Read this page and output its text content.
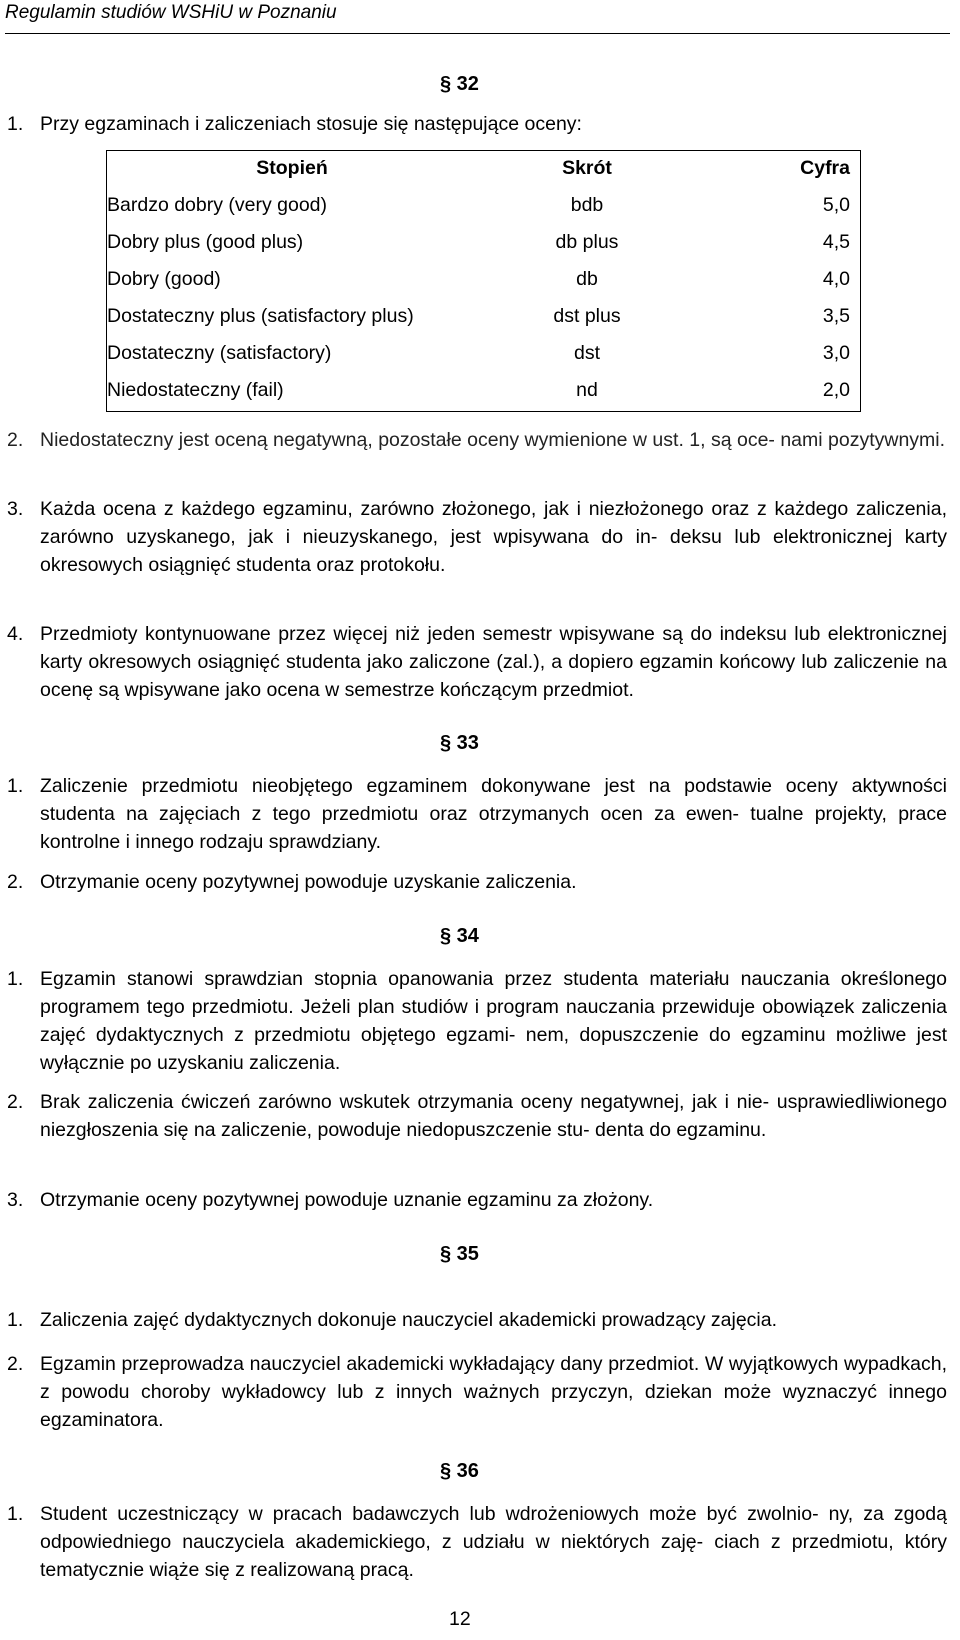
Regulamin studiów WSHiU w Poznaniu
§ 32
1. Przy egzaminach i zaliczeniach stosuje się następujące oceny:
Stopień	Skrót	Cyfra
Bardzo dobry (very good)	bdb	5,0
Dobry plus (good plus)	db plus	4,5
Dobry (good)	db	4,0
Dostateczny plus (satisfactory plus)	dst plus	3,5
Dostateczny (satisfactory)	dst	3,0
Niedostateczny (fail)	nd	2,0
2. Niedostateczny jest oceną negatywną, pozostałe oceny wymienione w ust. 1, są oce- nami pozytywnymi.
3. Każda ocena z każdego egzaminu, zarówno złożonego, jak i niezłożonego oraz z każdego zaliczenia, zarówno uzyskanego, jak i nieuzyskanego, jest wpisywana do in- deksu lub elektronicznej karty okresowych osiągnięć studenta oraz protokołu.
4. Przedmioty kontynuowane przez więcej niż jeden semestr wpisywane są do indeksu lub elektronicznej karty okresowych osiągnięć studenta jako zaliczone (zal.), a dopiero egzamin końcowy lub zaliczenie na ocenę są wpisywane jako ocena w semestrze kończącym przedmiot.
§ 33
1. Zaliczenie przedmiotu nieobjętego egzaminem dokonywane jest na podstawie oceny aktywności studenta na zajęciach z tego przedmiotu oraz otrzymanych ocen za ewen- tualne projekty, prace kontrolne i innego rodzaju sprawdziany.
2. Otrzymanie oceny pozytywnej powoduje uzyskanie zaliczenia.
§ 34
1. Egzamin stanowi sprawdzian stopnia opanowania przez studenta materiału nauczania określonego programem tego przedmiotu. Jeżeli plan studiów i program nauczania przewiduje obowiązek zaliczenia zajęć dydaktycznych z przedmiotu objętego egzami- nem, dopuszczenie do egzaminu możliwe jest wyłącznie po uzyskaniu zaliczenia.
2. Brak zaliczenia ćwiczeń zarówno wskutek otrzymania oceny negatywnej, jak i nie- usprawiedliwionego niezgłoszenia się na zaliczenie, powoduje niedopuszczenie stu- denta do egzaminu.
3. Otrzymanie oceny pozytywnej powoduje uznanie egzaminu za złożony.
§ 35
1. Zaliczenia zajęć dydaktycznych dokonuje nauczyciel akademicki prowadzący zajęcia.
2. Egzamin przeprowadza nauczyciel akademicki wykładający dany przedmiot. W wyjątkowych wypadkach, z powodu choroby wykładowcy lub z innych ważnych przyczyn, dziekan może wyznaczyć innego egzaminatora.
§ 36
1. Student uczestniczący w pracach badawczych lub wdrożeniowych może być zwolnio- ny, za zgodą odpowiedniego nauczyciela akademickiego, z udziału w niektórych zaję- ciach z przedmiotu, który tematycznie wiąże się z realizowaną pracą.
12
